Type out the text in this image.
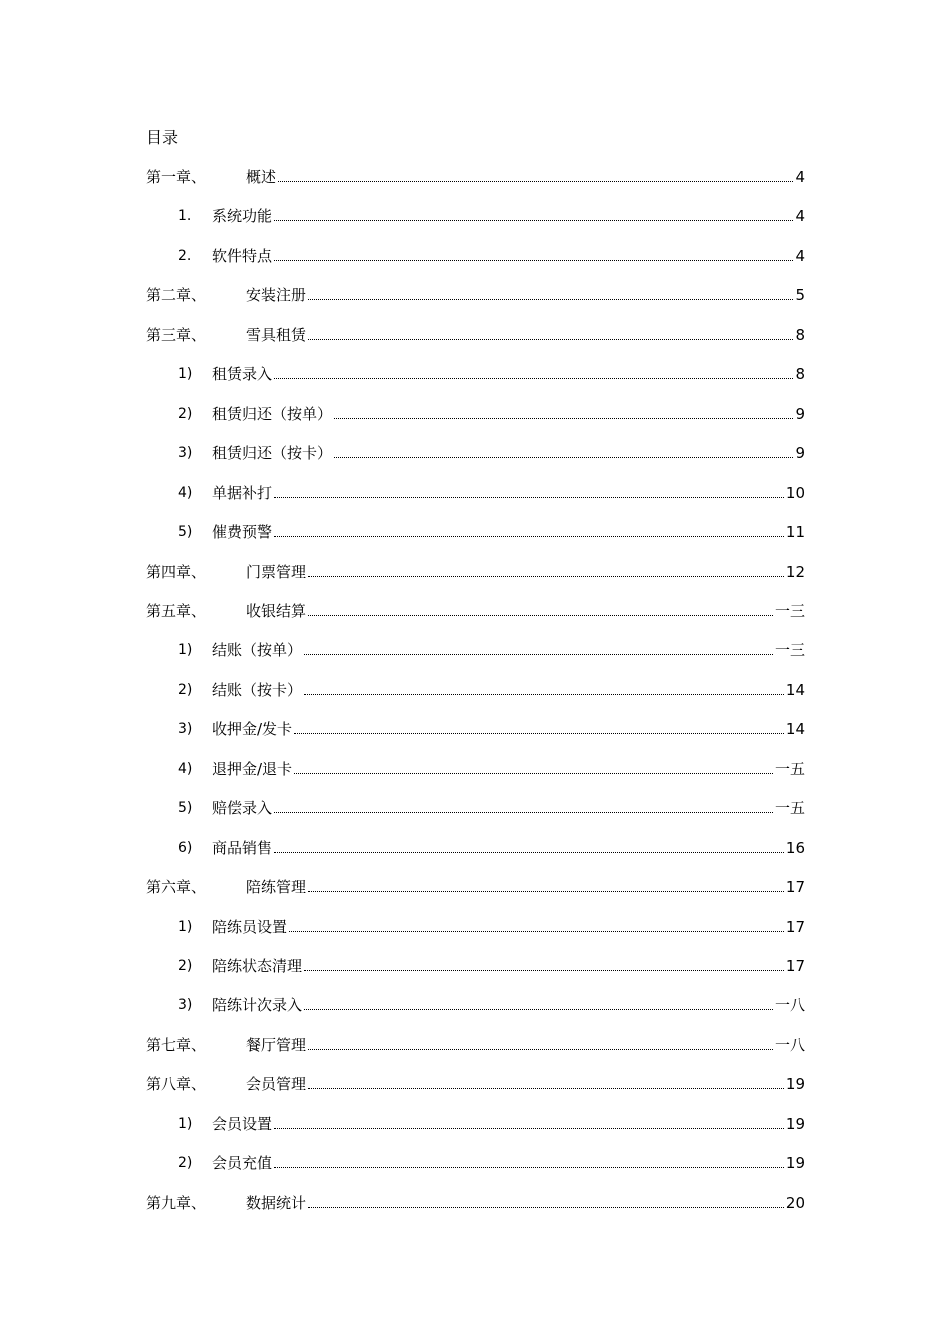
目录
第一章、	概述	4
1. 系统功能	4
2. 软件特点	4
第二章、	安装注册	5
第三章、	雪具租赁	8
1) 租赁录入	8
2) 租赁归还（按单）	9
3) 租赁归还（按卡）	9
4) 单据补打	10
5) 催费预警	11
第四章、	门票管理	12
第五章、	收银结算	一三
1) 结账（按单）	一三
2) 结账（按卡）	14
3) 收押金/发卡	14
4) 退押金/退卡	一五
5) 赔偿录入	一五
6) 商品销售	16
第六章、	陪练管理	17
1) 陪练员设置	17
2) 陪练状态清理	17
3) 陪练计次录入	一八
第七章、	餐厅管理	一八
第八章、	会员管理	19
1) 会员设置	19
2) 会员充值	19
第九章、	数据统计	20
